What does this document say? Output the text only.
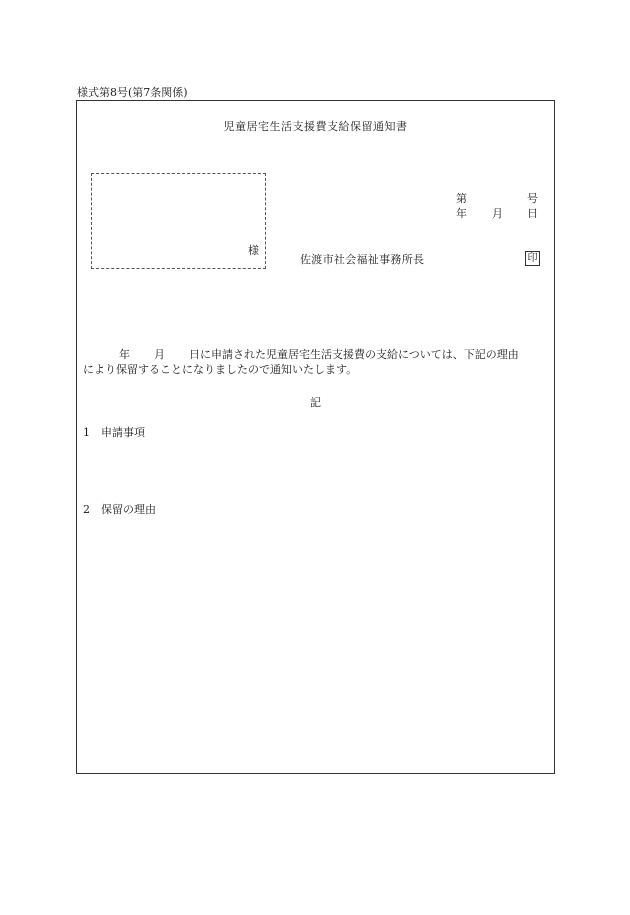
様式第8号(第7条関係)
児童居宅生活支援費支給保留通知書
様
第	号
年 月 日
佐渡市社会福祉事務所長	印
年 月 日に申請された児童居宅生活支援費の支給については、下記の理由
により保留することになりましたので通知いたします。
記
1 申請事項
2 保留の理由
